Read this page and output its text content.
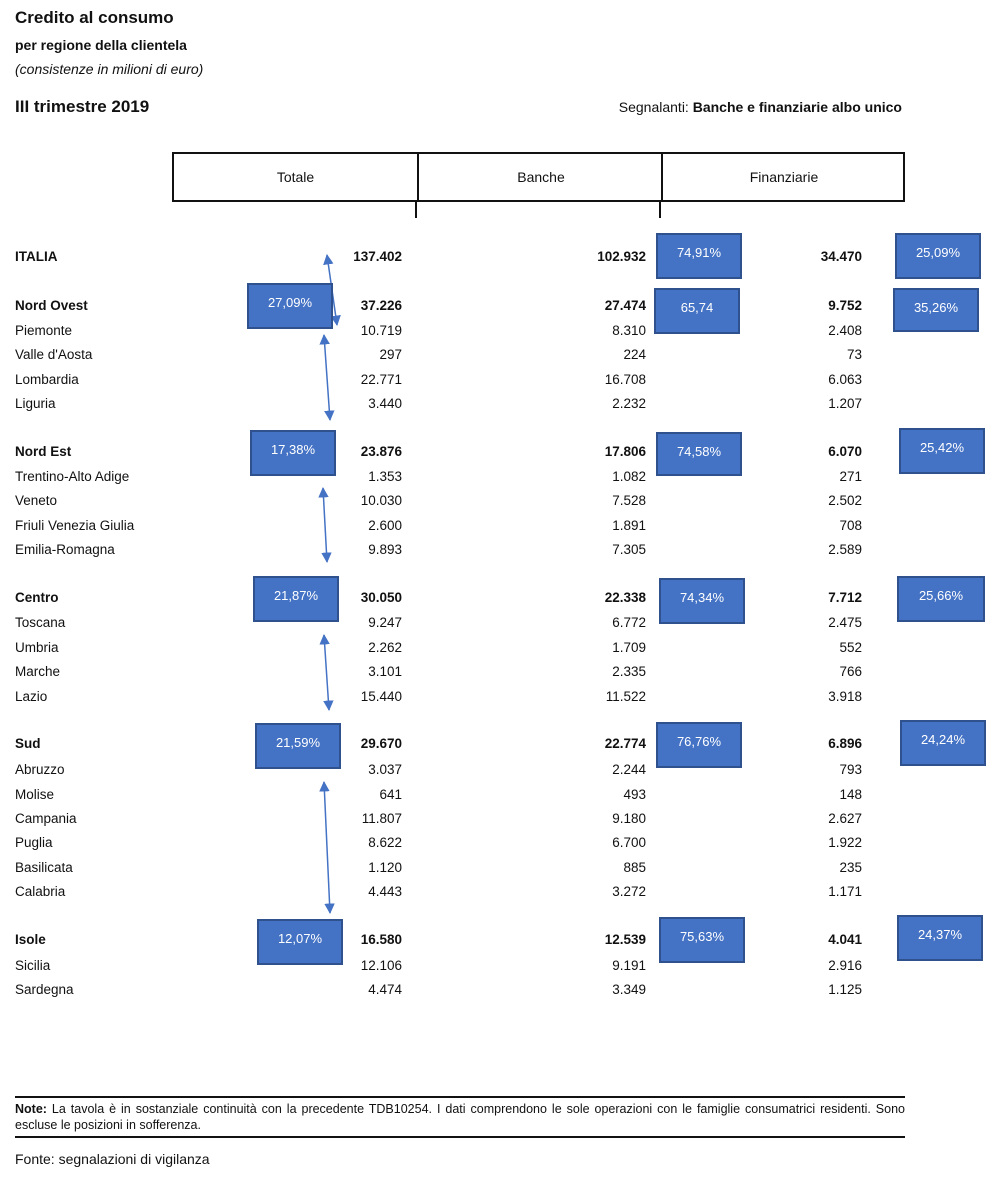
Credito al consumo
per regione della clientela
(consistenze in milioni di euro)
III trimestre 2019	Segnalanti: Banche e finanziarie albo unico
Totale	Banche	Finanziarie
ITALIA	137.402	102.932	34.470
Nord Ovest	37.226	27.474	9.752
Piemonte	10.719	8.310	2.408
Valle d'Aosta	297	224	73
Lombardia	22.771	16.708	6.063
Liguria	3.440	2.232	1.207
Nord Est	23.876	17.806	6.070
Trentino-Alto Adige	1.353	1.082	271
Veneto	10.030	7.528	2.502
Friuli Venezia Giulia	2.600	1.891	708
Emilia-Romagna	9.893	7.305	2.589
Centro	30.050	22.338	7.712
Toscana	9.247	6.772	2.475
Umbria	2.262	1.709	552
Marche	3.101	2.335	766
Lazio	15.440	11.522	3.918
Sud	29.670	22.774	6.896
Abruzzo	3.037	2.244	793
Molise	641	493	148
Campania	11.807	9.180	2.627
Puglia	8.622	6.700	1.922
Basilicata	1.120	885	235
Calabria	4.443	3.272	1.171
Isole	16.580	12.539	4.041
Sicilia	12.106	9.191	2.916
Sardegna	4.474	3.349	1.125
74,91%	25,09%
27,09%	65,74	35,26%
17,38%	74,58%	25,42%
21,87%	74,34%	25,66%
21,59%	76,76%	24,24%
12,07%	75,63%	24,37%
Note: La tavola è in sostanziale continuità con la precedente TDB10254. I dati comprendono le sole operazioni con le famiglie consumatrici residenti. Sono escluse le posizioni in sofferenza.
Fonte: segnalazioni di vigilanza
